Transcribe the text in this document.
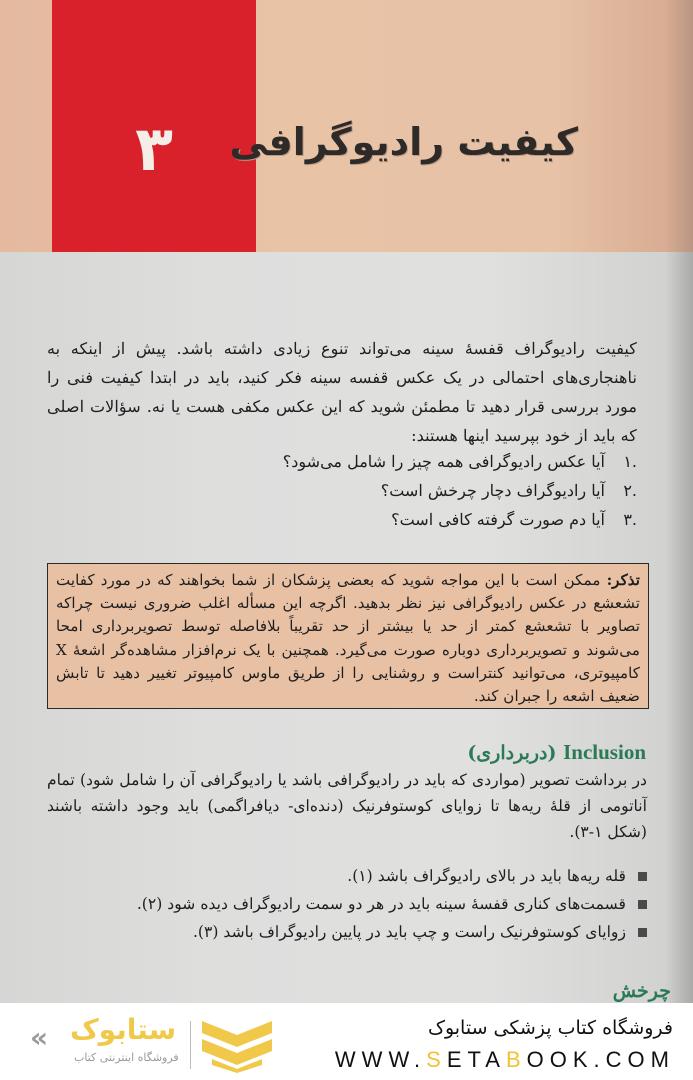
۳	کیفیت رادیوگرافی

کیفیت رادیوگراف قفسهٔ سینه می‌تواند تنوع زیادی داشته باشد. پیش از اینکه به ناهنجاری‌های احتمالی در یک عکس قفسه سینه فکر کنید، باید در ابتدا کیفیت فنی را مورد بررسی قرار دهید تا مطمئن شوید که این عکس مکفی هست یا نه. سؤالات اصلی که باید از خود بپرسید اینها هستند:

.۱
آیا عکس رادیوگرافی همه چیز را شامل می‌شود؟
.۲
آیا رادیوگراف دچار چرخش است؟
.۳
آیا دم صورت گرفته کافی است؟
تذکر: ممکن است با این مواجه شوید که بعضی پزشکان از شما بخواهند که در مورد کفایت تشعشع در عکس رادیوگرافی نیز نظر بدهید. اگرچه این مسأله اغلب ضروری نیست چراکه تصاویر با تشعشع کمتر از حد یا بیشتر از حد تقریباً بلافاصله توسط تصویربرداری امحا می‌شوند و تصویربرداری دوباره صورت می‌گیرد. همچنین با یک نرم‌افزار مشاهده‌گر اشعهٔ X کامپیوتری، می‌توانید کنتراست و روشنایی را از طریق ماوس کامپیوتر تغییر دهید تا تابش ضعیف اشعه را جبران کند.
Inclusion (دربرداری)

در برداشت تصویر (مواردی که باید در رادیوگرافی باشد یا رادیوگرافی آن را شامل شود) تمام آناتومی از قلهٔ ریه‌ها تا زوایای کوستوفرنیک (دنده‌ای- دیافراگمی) باید وجود داشته باشند (شکل ۱-۳).

قله ریه‌ها باید در بالای رادیوگراف باشد (۱).
قسمت‌های کناری قفسهٔ سینه باید در هر دو سمت رادیوگراف دیده شود (۲).
زوایای کوستوفرنیک راست و چپ باید در پایین رادیوگراف باشد (۳).
چرخش
« ستابوک
فروشگاه اینترنتی کتاب
فروشگاه کتاب پزشکی ستابوک
WWW.SETABOOK.COM
